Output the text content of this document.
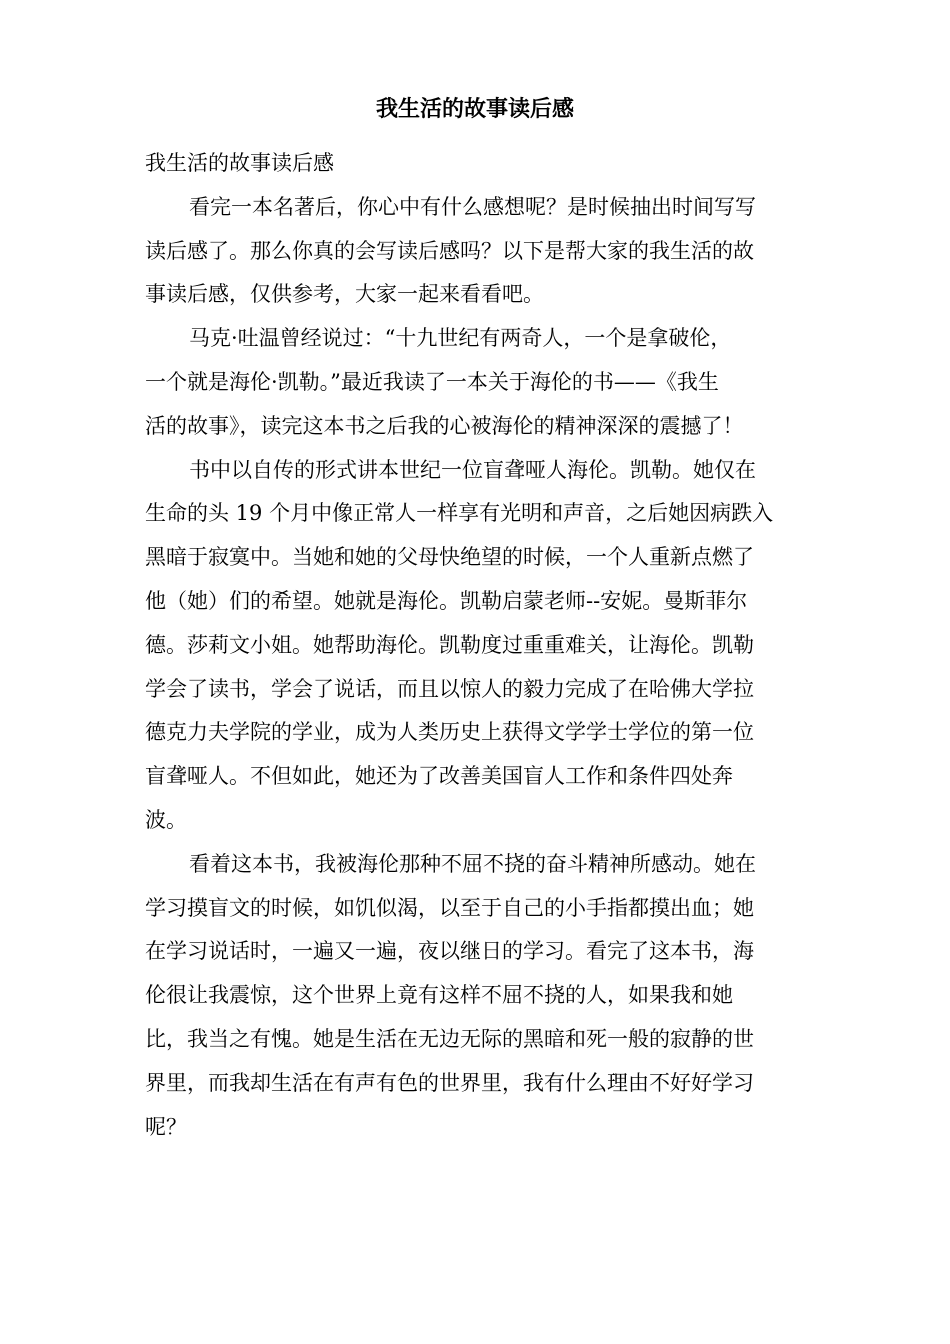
我生活的故事读后感
我生活的故事读后感
看完一本名著后，你心中有什么感想呢？是时候抽出时间写写
读后感了。那么你真的会写读后感吗？以下是帮大家的我生活的故
事读后感，仅供参考，大家一起来看看吧。
马克·吐温曾经说过：“十九世纪有两奇人，一个是拿破伦，
一个就是海伦·凯勒。”最近我读了一本关于海伦的书——《我生
活的故事》，读完这本书之后我的心被海伦的精神深深的震撼了！
书中以自传的形式讲本世纪一位盲聋哑人海伦。凯勒。她仅在
生命的头 19 个月中像正常人一样享有光明和声音，之后她因病跌入
黑暗于寂寞中。当她和她的父母快绝望的时候，一个人重新点燃了
他（她）们的希望。她就是海伦。凯勒启蒙老师--安妮。曼斯菲尔
德。莎莉文小姐。她帮助海伦。凯勒度过重重难关，让海伦。凯勒
学会了读书，学会了说话，而且以惊人的毅力完成了在哈佛大学拉
德克力夫学院的学业，成为人类历史上获得文学学士学位的第一位
盲聋哑人。不但如此，她还为了改善美国盲人工作和条件四处奔
波。
看着这本书，我被海伦那种不屈不挠的奋斗精神所感动。她在
学习摸盲文的时候，如饥似渴，以至于自己的小手指都摸出血；她
在学习说话时，一遍又一遍，夜以继日的学习。看完了这本书，海
伦很让我震惊，这个世界上竟有这样不屈不挠的人，如果我和她
比，我当之有愧。她是生活在无边无际的黑暗和死一般的寂静的世
界里，而我却生活在有声有色的世界里，我有什么理由不好好学习
呢？
